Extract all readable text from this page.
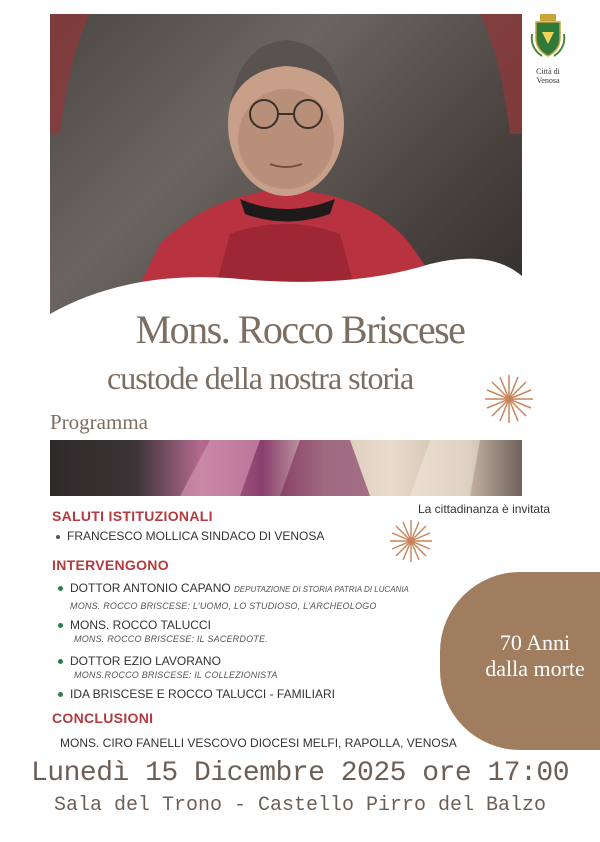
Città di Venosa
Mons. Rocco Briscese
custode della nostra storia
Programma
La cittadinanza è invitata
SALUTI ISTITUZIONALI
FRANCESCO MOLLICA SINDACO DI VENOSA
INTERVENGONO
DOTTOR ANTONIO CAPANO DEPUTAZIONE DI STORIA PATRIA DI LUCANIA
MONS. ROCCO BRISCESE: L’UOMO, LO STUDIOSO, L’ARCHEOLOGO
MONS. ROCCO TALUCCI
MONS. ROCCO BRISCESE: IL SACERDOTE.
DOTTOR EZIO LAVORANO
MONS.ROCCO BRISCESE: IL COLLEZIONISTA
IDA BRISCESE E ROCCO TALUCCI - FAMILIARI
CONCLUSIONI
MONS. CIRO FANELLI VESCOVO DIOCESI MELFI, RAPOLLA, VENOSA
70 Anni
dalla morte
Lunedì 15 Dicembre 2025 ore 17:00
Sala del Trono - Castello Pirro del Balzo
